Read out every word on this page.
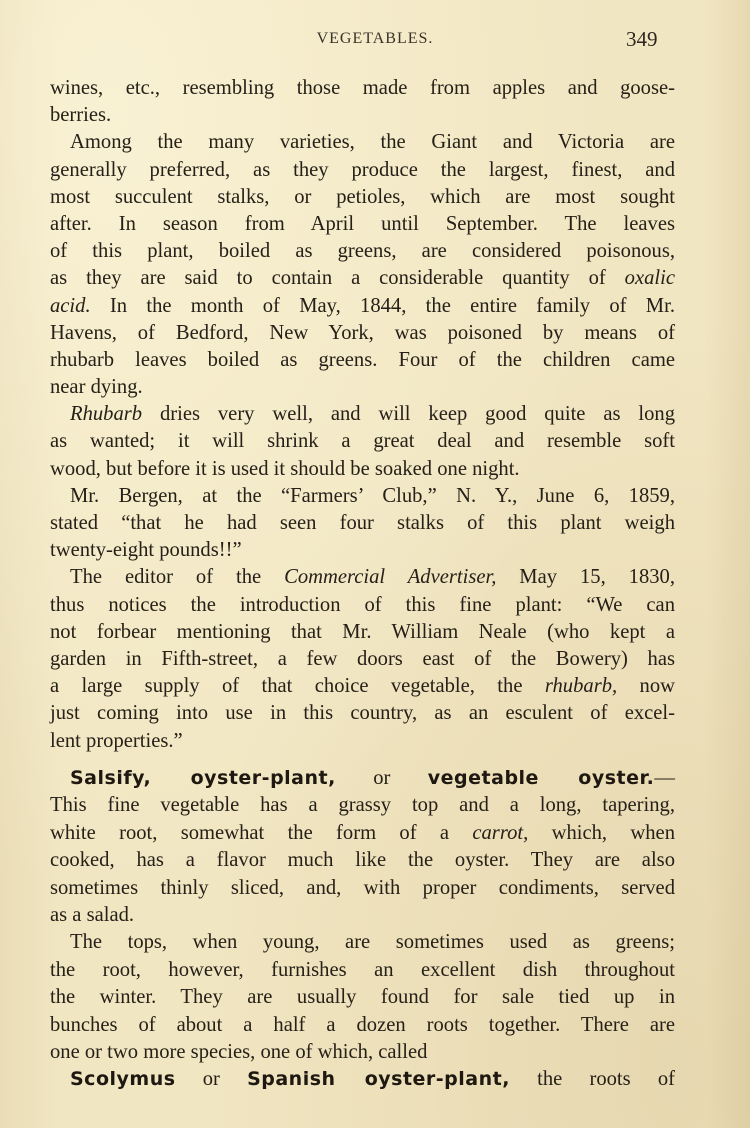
VEGETABLES.	349
wines, etc., resembling those made from apples and goose-
berries.
Among the many varieties, the Giant and Victoria are
generally preferred, as they produce the largest, finest, and
most succulent stalks, or petioles, which are most sought
after. In season from April until September. The leaves
of this plant, boiled as greens, are considered poisonous,
as they are said to contain a considerable quantity of oxalic
acid. In the month of May, 1844, the entire family of Mr.
Havens, of Bedford, New York, was poisoned by means of
rhubarb leaves boiled as greens. Four of the children came
near dying.
Rhubarb dries very well, and will keep good quite as long
as wanted; it will shrink a great deal and resemble soft
wood, but before it is used it should be soaked one night.
Mr. Bergen, at the “Farmers’ Club,” N. Y., June 6, 1859,
stated “that he had seen four stalks of this plant weigh
twenty-eight pounds!!”
The editor of the Commercial Advertiser, May 15, 1830,
thus notices the introduction of this fine plant: “We can
not forbear mentioning that Mr. William Neale (who kept a
garden in Fifth-street, a few doors east of the Bowery) has
a large supply of that choice vegetable, the rhubarb, now
just coming into use in this country, as an esculent of excel-
lent properties.”
Salsify, oyster-plant, or vegetable oyster.—
This fine vegetable has a grassy top and a long, tapering,
white root, somewhat the form of a carrot, which, when
cooked, has a flavor much like the oyster. They are also
sometimes thinly sliced, and, with proper condiments, served
as a salad.
The tops, when young, are sometimes used as greens;
the root, however, furnishes an excellent dish throughout
the winter. They are usually found for sale tied up in
bunches of about a half a dozen roots together. There are
one or two more species, one of which, called
Scolymus or Spanish oyster-plant, the roots of
